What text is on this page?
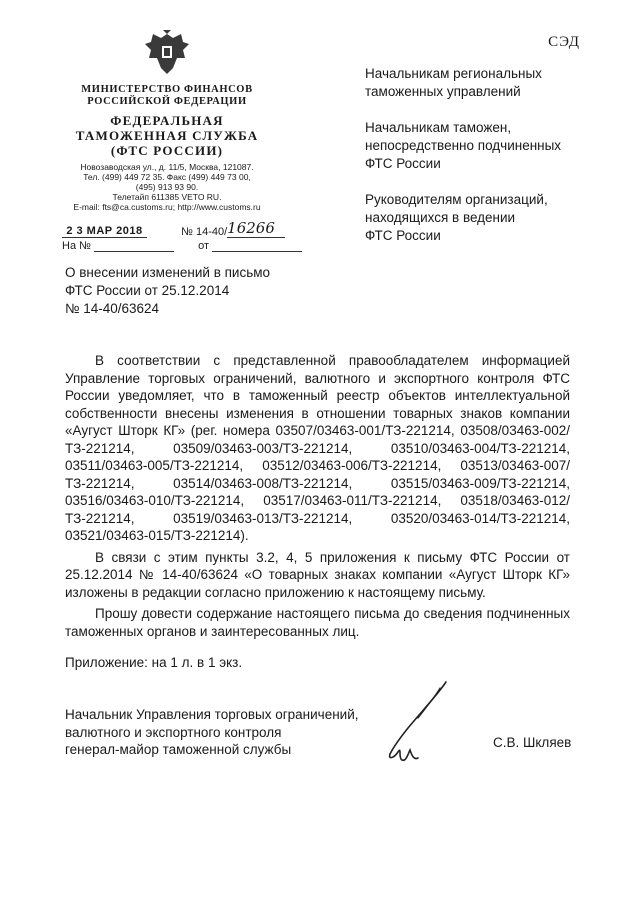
СЭД
МИНИСТЕРСТВО ФИНАНСОВ
РОССИЙСКОЙ ФЕДЕРАЦИИ
ФЕДЕРАЛЬНАЯ
ТАМОЖЕННАЯ СЛУЖБА
(ФТС РОССИИ)
Новозаводская ул., д. 11/5, Москва, 121087.
Тел. (499) 449 72 35. Факс (499) 449 73 00,
(495) 913 93 90.
Телетайп 611385 VETO RU.
E-mail: fts@ca.customs.ru; http://www.customs.ru
2 3 МАР 2018	№ 14-40/16266
На №	от
Начальникам региональных
таможенных управлений
Начальникам таможен,
непосредственно подчиненных
ФТС России
Руководителям организаций,
находящихся в ведении
ФТС России
О внесении изменений в письмо
ФТС России от 25.12.2014
№ 14-40/63624

В соответствии с представленной правообладателем информацией Управление торговых ограничений, валютного и экспортного контроля ФТС России уведомляет, что в таможенный реестр объектов интеллектуальной собственности внесены изменения в отношении товарных знаков компании «Аугуст Шторк КГ» (рег. номера 03507/03463-001/ТЗ-221214, 03508/03463-002/ТЗ-221214, 03509/03463-003/ТЗ-221214, 03510/03463-004/ТЗ-221214, 03511/03463-005/ТЗ-221214, 03512/03463-006/ТЗ-221214, 03513/03463-007/ТЗ-221214, 03514/03463-008/ТЗ-221214, 03515/03463-009/ТЗ-221214, 03516/03463-010/ТЗ-221214, 03517/03463-011/ТЗ-221214, 03518/03463-012/ТЗ-221214, 03519/03463-013/ТЗ-221214, 03520/03463-014/ТЗ-221214, 03521/03463-015/ТЗ-221214).

В связи с этим пункты 3.2, 4, 5 приложения к письму ФТС России от 25.12.2014 № 14-40/63624 «О товарных знаках компании «Аугуст Шторк КГ» изложены в редакции согласно приложению к настоящему письму.

Прошу довести содержание настоящего письма до сведения подчиненных таможенных органов и заинтересованных лиц.

Приложение: на 1 л. в 1 экз.
Начальник Управления торговых ограничений,
валютного и экспортного контроля
генерал-майор таможенной службы	С.В. Шкляев
